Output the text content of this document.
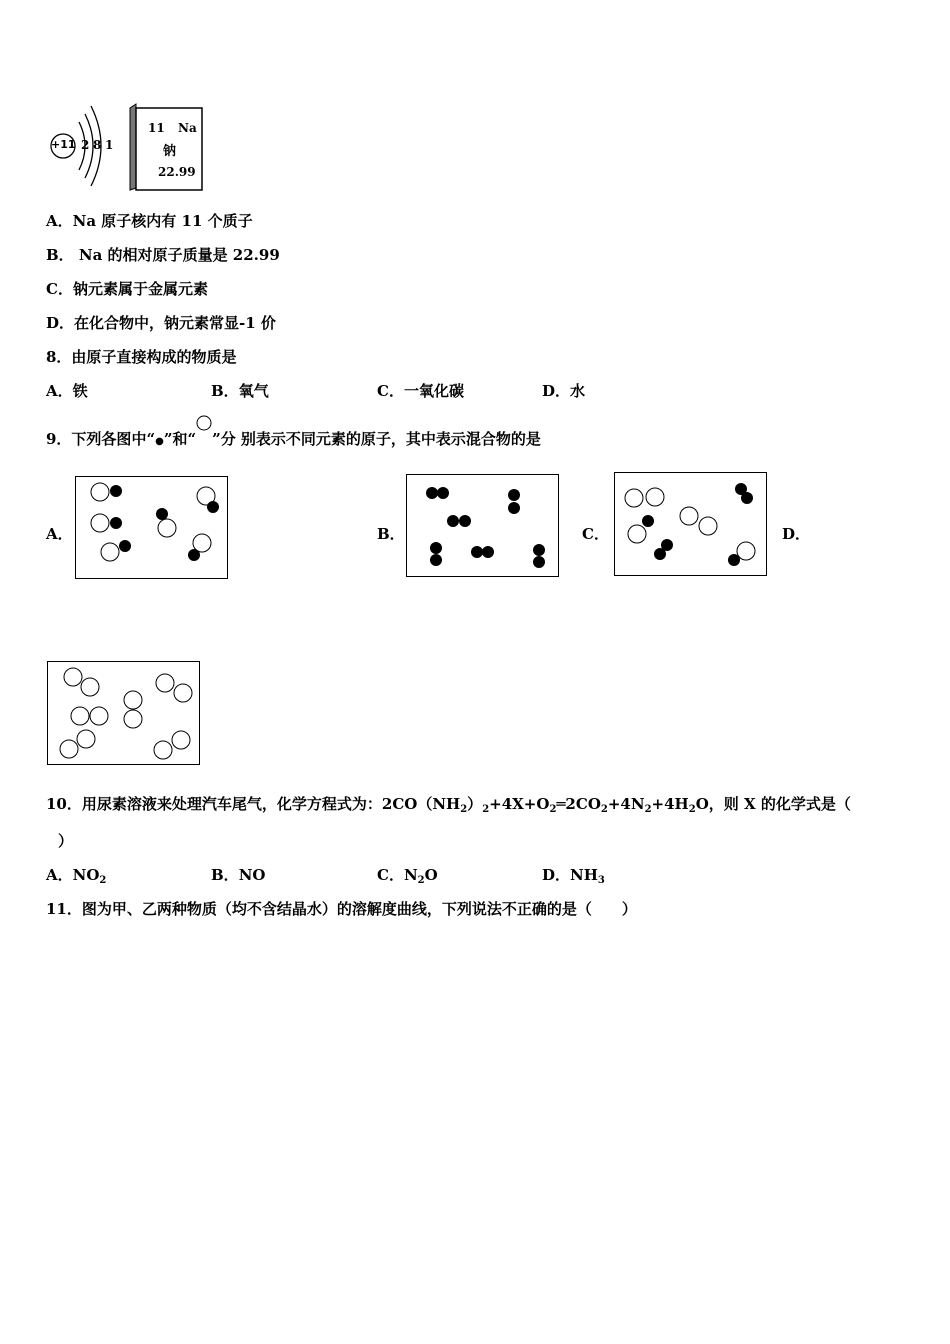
+11 2 8 1
11 Na
钠
22.99
A．Na 原子核内有 11 个质子
B． Na 的相对原子质量是 22.99
C．钠元素属于金属元素
D．在化合物中，钠元素常显-1 价
8．由原子直接构成的物质是
A．铁	B．氧气	C．一氧化碳	D．水
9．下列各图中“●”和“ ”分 别表示不同元素的原子，其中表示混合物的是
A．	B．	C．	D．
10．用尿素溶液来处理汽车尾气，化学方程式为：$2CO(NH_2)_2+4X+O_2═2CO_2+4N_2+4H_2O$，则 X 的化学式是（
）
A．$NO_2$	B．NO	C．$N_2O$	D．$NH_3$
11．图为甲、乙两种物质（均不含结晶水）的溶解度曲线，下列说法不正确的是（　　）
